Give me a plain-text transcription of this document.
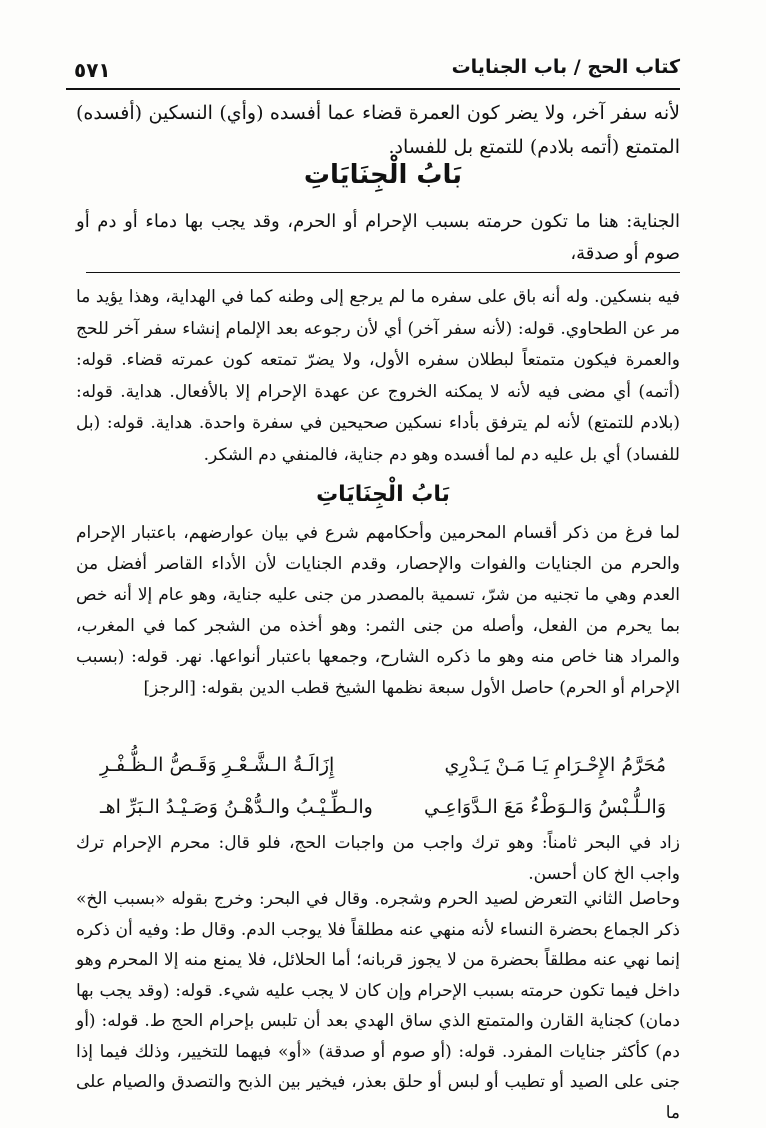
٥٧١	كتاب الحج / باب الجنايات
لأنه سفر آخر، ولا يضر كون العمرة قضاء عما أفسده (وأي) النسكين (أفسده) المتمتع (أتمه بلادم) للتمتع بل للفساد.
بَابُ الْجِنَايَاتِ
الجناية: هنا ما تكون حرمته بسبب الإحرام أو الحرم، وقد يجب بها دماء أو دم أو صوم أو صدقة،
فيه بنسكين. وله أنه باق على سفره ما لم يرجع إلى وطنه كما في الهداية، وهذا يؤيد ما مر عن الطحاوي. قوله: (لأنه سفر آخر) أي لأن رجوعه بعد الإلمام إنشاء سفر آخر للحج والعمرة فيكون متمتعاً لبطلان سفره الأول، ولا يضرّ تمتعه كون عمرته قضاء. قوله: (أتمه) أي مضى فيه لأنه لا يمكنه الخروج عن عهدة الإحرام إلا بالأفعال. هداية. قوله: (بلادم للتمتع) لأنه لم يترفق بأداء نسكين صحيحين في سفرة واحدة. هداية. قوله: (بل للفساد) أي بل عليه دم لما أفسده وهو دم جناية، فالمنفي دم الشكر.
بَابُ الْجِنَايَاتِ
لما فرغ من ذكر أقسام المحرمين وأحكامهم شرع في بيان عوارضهم، باعتبار الإحرام والحرم من الجنايات والفوات والإحصار، وقدم الجنايات لأن الأداء القاصر أفضل من العدم وهي ما تجنيه من شرّ، تسمية بالمصدر من جنى عليه جناية، وهو عام إلا أنه خص بما يحرم من الفعل، وأصله من جنى الثمر: وهو أخذه من الشجر كما في المغرب، والمراد هنا خاص منه وهو ما ذكره الشارح، وجمعها باعتبار أنواعها. نهر. قوله: (بسبب الإحرام أو الحرم) حاصل الأول سبعة نظمها الشيخ قطب الدين بقوله: [الرجز]
مُحَرَّمُ الإِحْـرَامِ يَـا مَـنْ يَـدْرِي
إِزَالَـةُ الـشَّـعْـرِ وَقَـصُّ الـظُّـفْـرِ
وَالـلُّـبْسُ وَالـوَطْءُ مَعَ الـدَّوَاعِـي
والـطِّـيْـبُ والـدُّهْـنُ وَصَـيْـدُ الـبَرِّ اهـ
زاد في البحر ثامناً: وهو ترك واجب من واجبات الحج، فلو قال: محرم الإحرام ترك واجب الخ كان أحسن.
وحاصل الثاني التعرض لصيد الحرم وشجره. وقال في البحر: وخرج بقوله «بسبب الخ» ذكر الجماع بحضرة النساء لأنه منهي عنه مطلقاً فلا يوجب الدم. وقال ط: وفيه أن ذكره إنما نهي عنه مطلقاً بحضرة من لا يجوز قربانه؛ أما الحلائل، فلا يمنع منه إلا المحرم وهو داخل فيما تكون حرمته بسبب الإحرام وإن كان لا يجب عليه شيء. قوله: (وقد يجب بها دمان) كجناية القارن والمتمتع الذي ساق الهدي بعد أن تلبس بإحرام الحج ط. قوله: (أو دم) كأكثر جنايات المفرد. قوله: (أو صوم أو صدقة) «أو» فيهما للتخيير، وذلك فيما إذا جنى على الصيد أو تطيب أو لبس أو حلق بعذر، فيخير بين الذبح والتصدق والصيام على ما
